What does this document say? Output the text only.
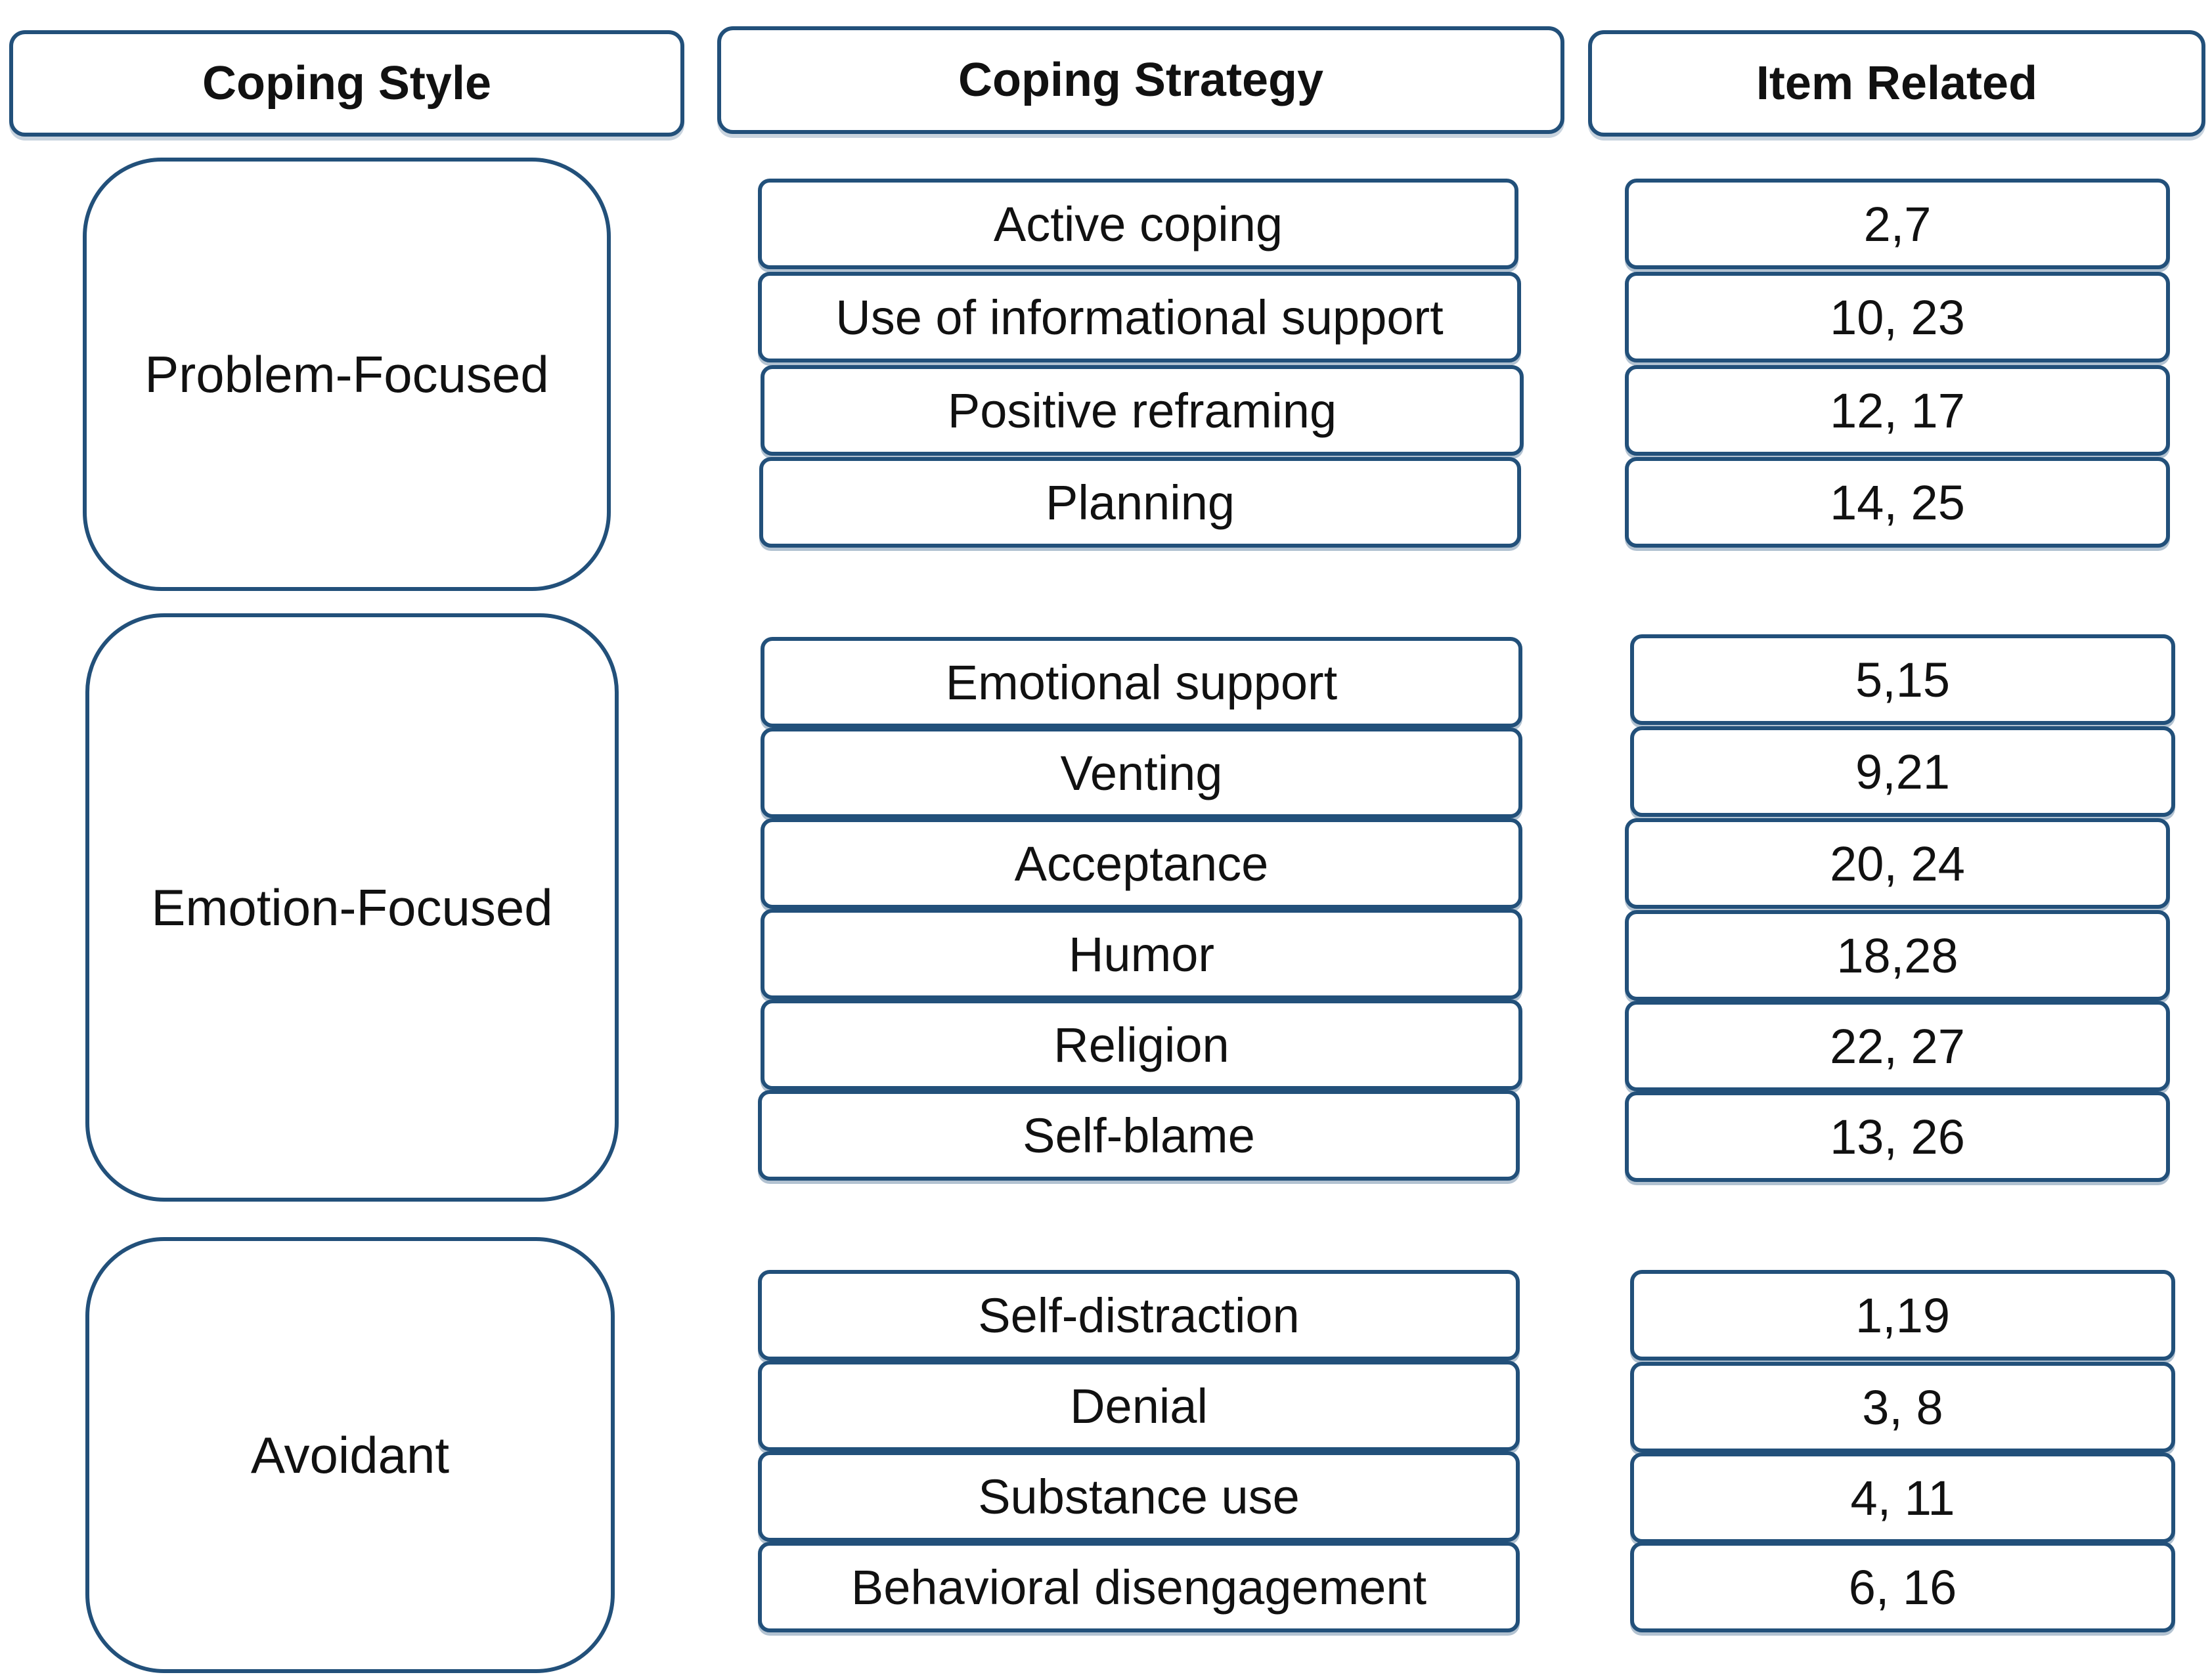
Coping Style	Coping Strategy	Item Related
Problem-Focused
Active coping	2,7
Use of informational support	10, 23
Positive reframing	12, 17
Planning	14, 25
Emotion-Focused
Emotional support	5,15
Venting	9,21
Acceptance	20, 24
Humor	18,28
Religion	22, 27
Self-blame	13, 26
Avoidant
Self-distraction	1,19
Denial	3, 8
Substance use	4, 11
Behavioral disengagement	6, 16
